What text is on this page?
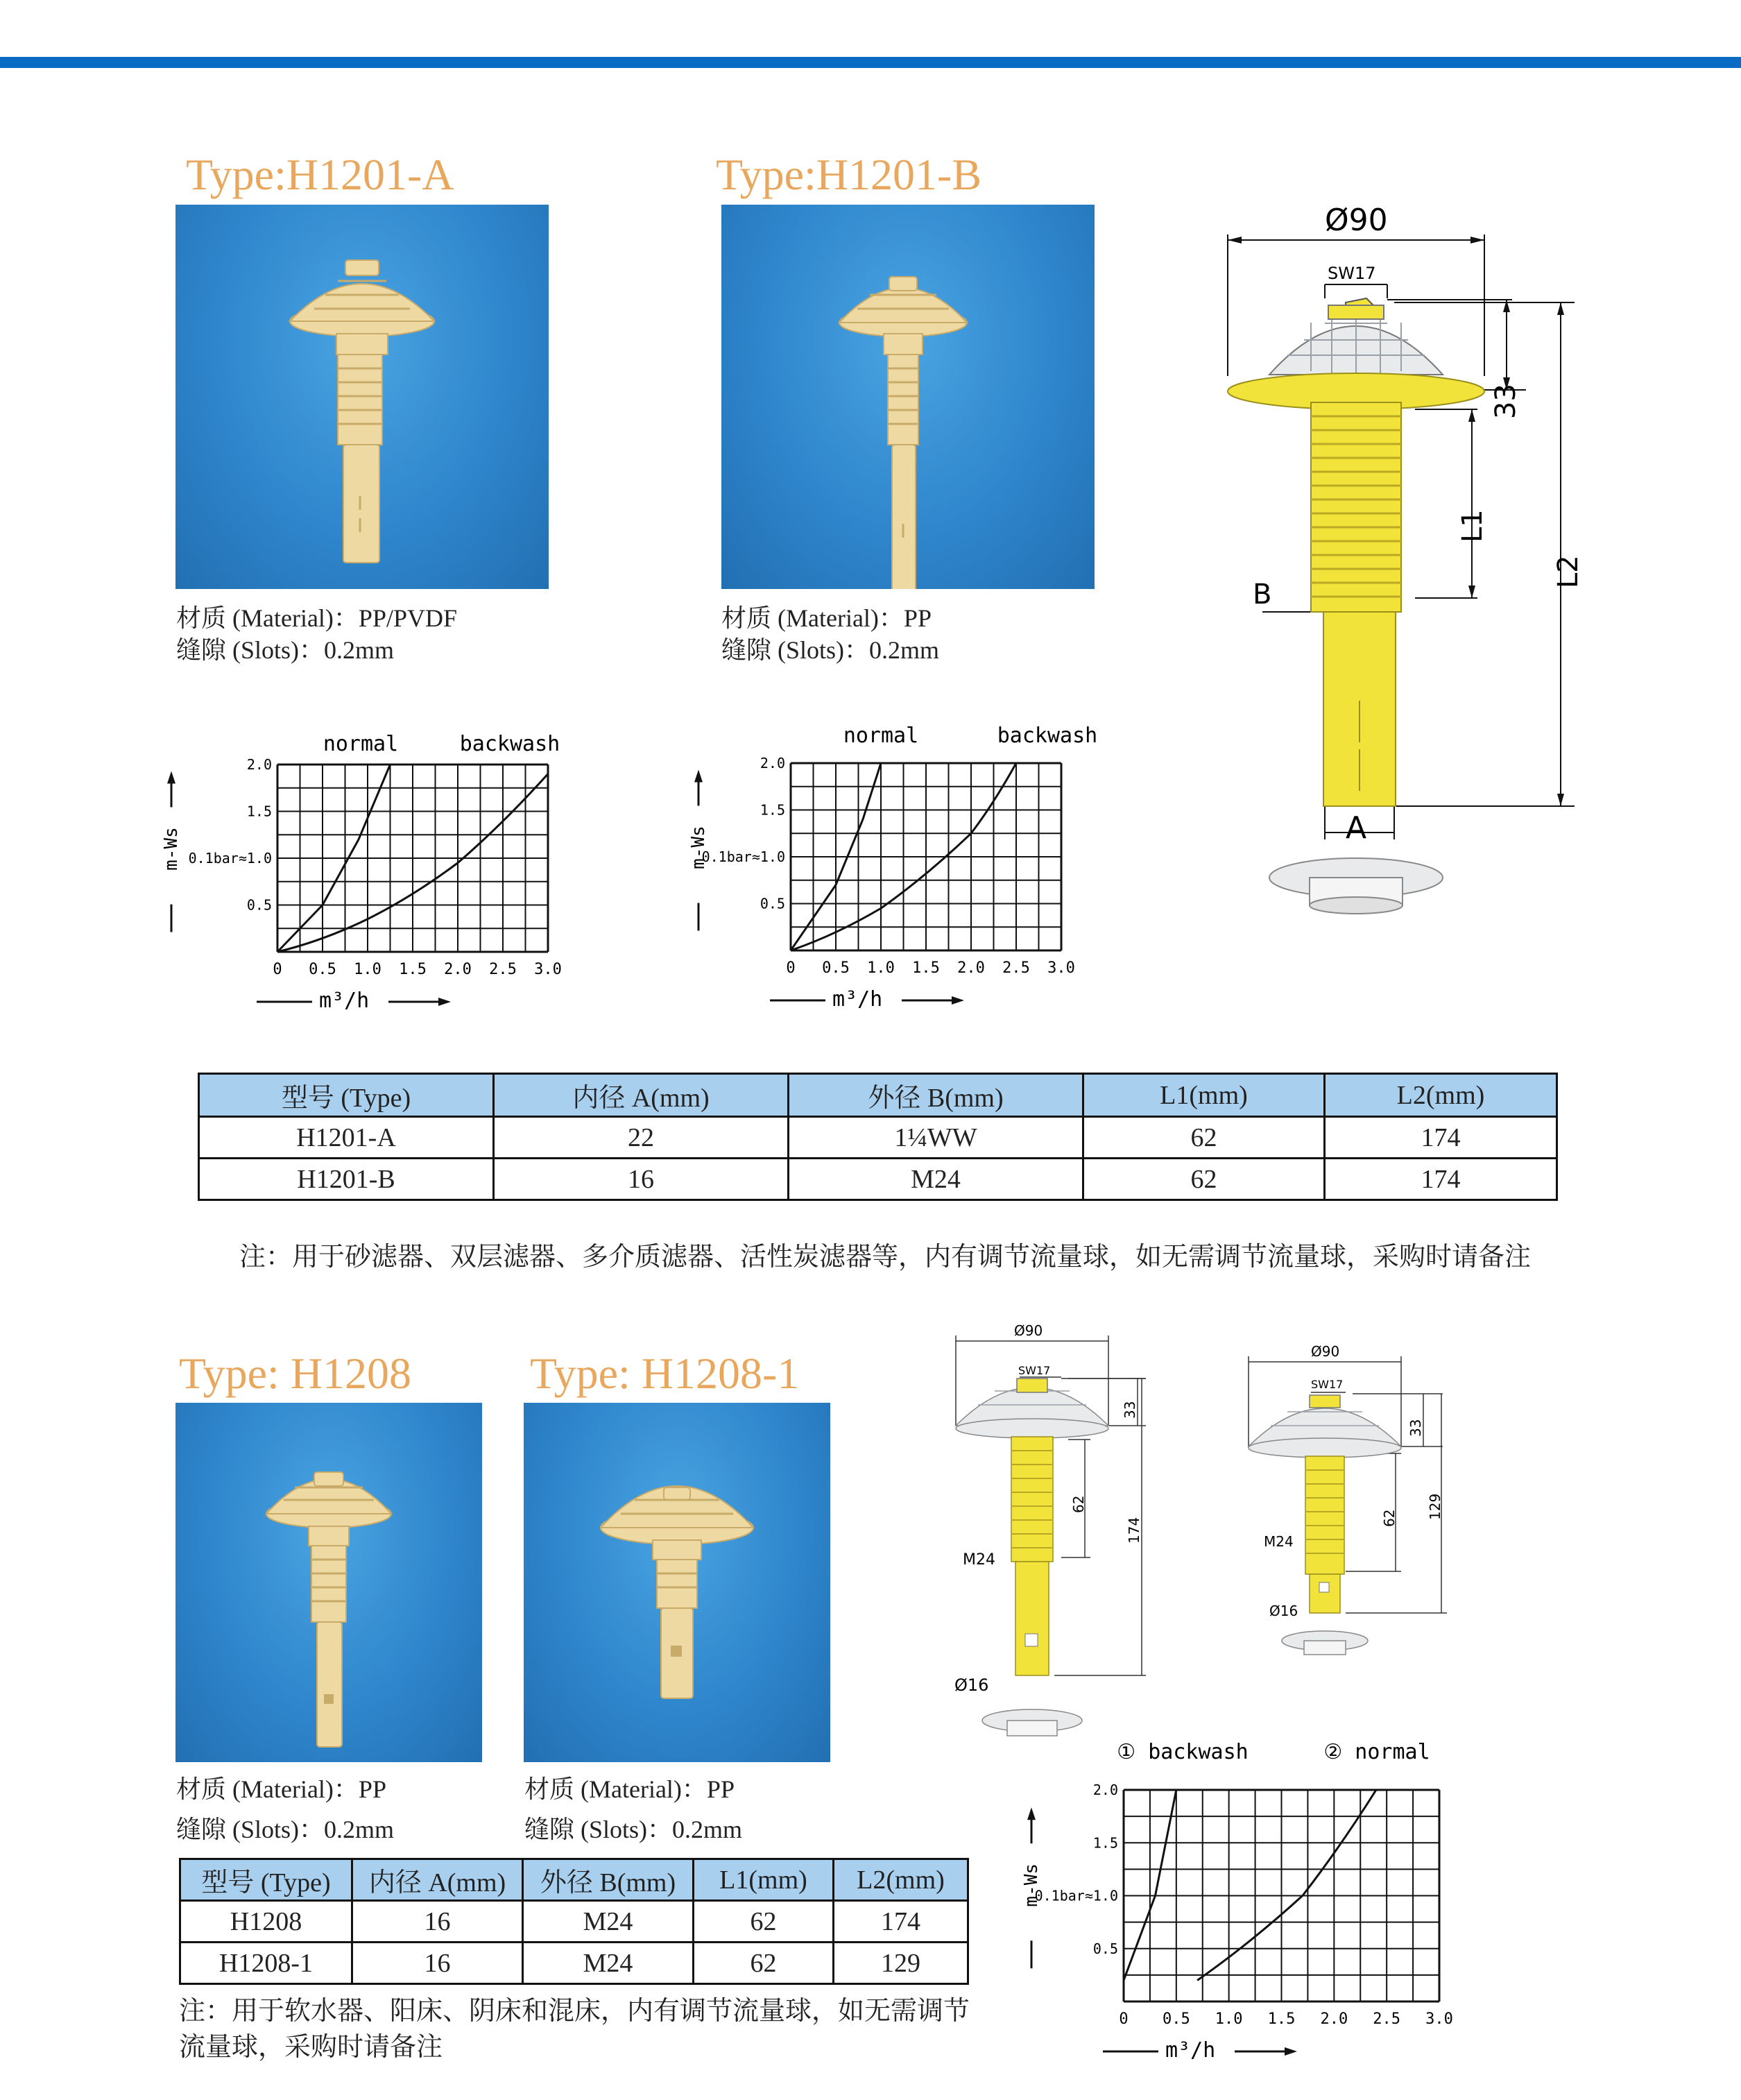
Type:H1201-A	Type:H1201-B
Type: H1208	Type: H1208-1
材质 (Material)：PP/PVDF
缝隙 (Slots)：0.2mm
材质 (Material)：PP
缝隙 (Slots)：0.2mm
材质 (Material)：PP
缝隙 (Slots)：0.2mm
材质 (Material)：PP
缝隙 (Slots)：0.2mm
Ø90
SW17
33
L1
L2
B
A
0 0.5 1.0 1.5 2.0 2.5 3.0
0.5
0.1bar≈1.0
1.5
2.0
normal	backwash
m³/h
m-Ws
0 0.5 1.0 1.5 2.0 2.5 3.0
0.5
0.1bar≈1.0
1.5
2.0
normal	backwash
m³/h
m-Ws
型号 (Type)	内径 A(mm)	外径 B(mm)	L1(mm)	L2(mm)
H1201-A	22	1¼WW	62	174
H1201-B	16	M24	62	174
注：用于砂滤器、双层滤器、多介质滤器、活性炭滤器等，内有调节流量球，如无需调节流量球，采购时请备注
Ø90
SW17
33
62
174
M24
Ø16
Ø90
SW17
33
62 129
M24
Ø16
型号 (Type)	内径 A(mm)	外径 B(mm)	L1(mm)	L2(mm)
H1208	16	M24	62	174
H1208-1	16	M24	62	129
注：用于软水器、阳床、阴床和混床，内有调节流量球，如无需调节流量球，采购时请备注
0 0.5 1.0 1.5 2.0 2.5 3.0
0.5
0.1bar≈1.0
1.5
2.0
① backwash	② normal
m³/h
m-Ws
